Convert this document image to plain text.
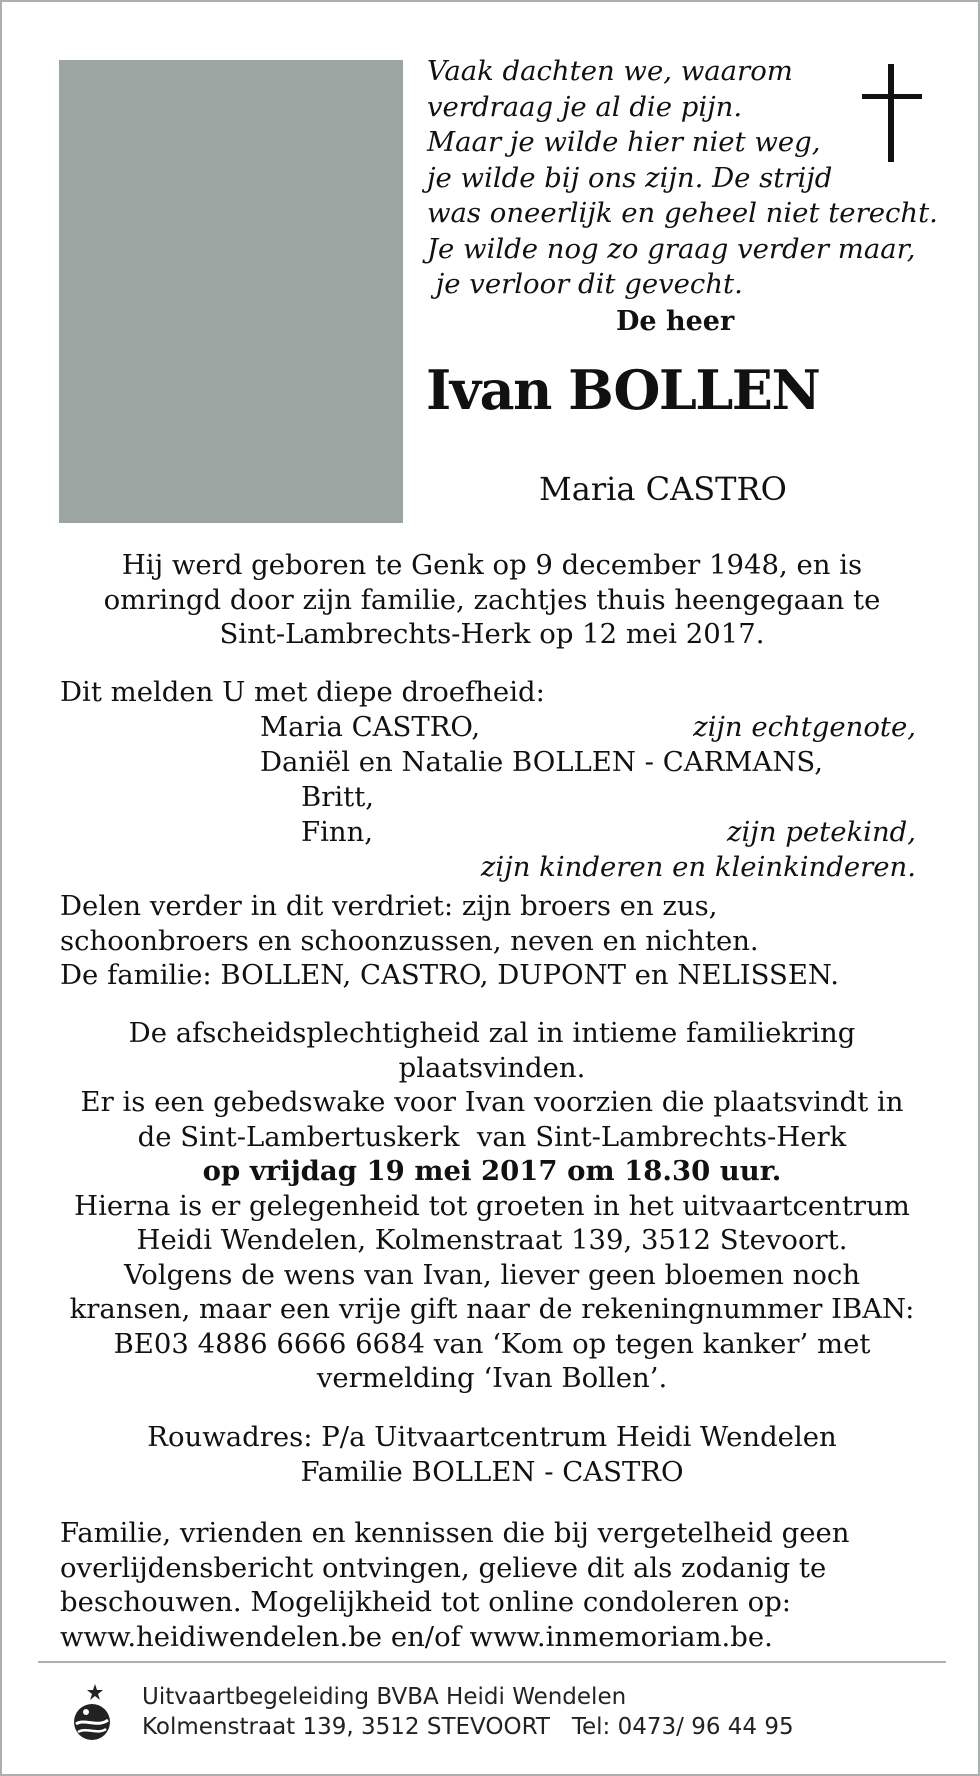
Vaak dachten we, waarom
verdraag je al die pijn.
Maar je wilde hier niet weg,
je wilde bij ons zijn. De strijd
was oneerlijk en geheel niet terecht.
Je wilde nog zo graag verder maar,
je verloor dit gevecht.
De heer
Ivan BOLLEN
Maria CASTRO
Hij werd geboren te Genk op 9 december 1948, en is
omringd door zijn familie, zachtjes thuis heengegaan te
Sint-Lambrechts-Herk op 12 mei 2017.
Dit melden U met diepe droefheid:
Maria CASTRO,	zijn echtgenote,
Daniël en Natalie BOLLEN - CARMANS,
Britt,
Finn,	zijn petekind,
zijn kinderen en kleinkinderen.
Delen verder in dit verdriet: zijn broers en zus,
schoonbroers en schoonzussen, neven en nichten.
De familie: BOLLEN, CASTRO, DUPONT en NELISSEN.
De afscheidsplechtigheid zal in intieme familiekring
plaatsvinden.
Er is een gebedswake voor Ivan voorzien die plaatsvindt in
de Sint-Lambertuskerk  van Sint-Lambrechts-Herk
op vrijdag 19 mei 2017 om 18.30 uur.
Hierna is er gelegenheid tot groeten in het uitvaartcentrum
Heidi Wendelen, Kolmenstraat 139, 3512 Stevoort.
Volgens de wens van Ivan, liever geen bloemen noch
kransen, maar een vrije gift naar de rekeningnummer IBAN:
BE03 4886 6666 6684 van ‘Kom op tegen kanker’ met
vermelding ‘Ivan Bollen’.
Rouwadres: P/a Uitvaartcentrum Heidi Wendelen
Familie BOLLEN - CASTRO
Familie, vrienden en kennissen die bij vergetelheid geen
overlijdensbericht ontvingen, gelieve dit als zodanig te
beschouwen. Mogelijkheid tot online condoleren op:
www.heidiwendelen.be en/of www.inmemoriam.be.
Uitvaartbegeleiding BVBA Heidi Wendelen
Kolmenstraat 139, 3512 STEVOORT   Tel: 0473/ 96 44 95
